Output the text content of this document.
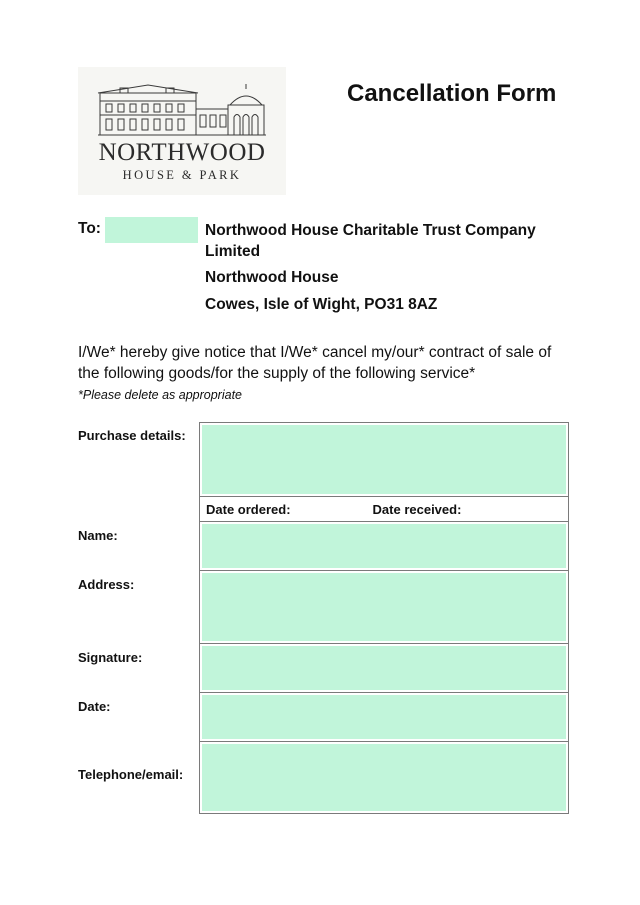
NORTHWOOD
HOUSE & PARK
Cancellation Form
To:	Northwood House Charitable Trust Company Limited
Northwood House
Cowes, Isle of Wight, PO31 8AZ
I/We* hereby give notice that I/We* cancel my/our* contract of sale of the following goods/for the supply of the following service*
*Please delete as appropriate
Purchase details:
Date ordered:	Date received:
Name:
Address:
Signature:
Date:
Telephone/email:
